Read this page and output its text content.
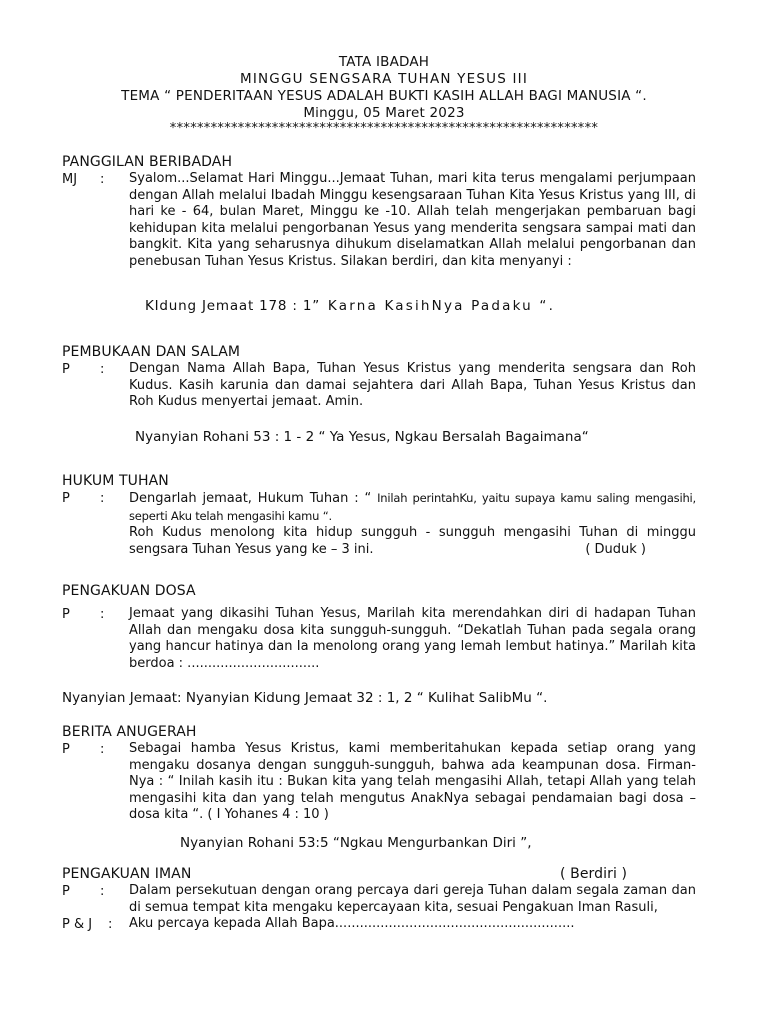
TATA IBADAH
MINGGU SENGSARA TUHAN YESUS III
TEMA “ PENDERITAAN YESUS ADALAH BUKTI KASIH ALLAH BAGI MANUSIA “.
Minggu, 05 Maret 2023
***************************************************************
PANGGILAN BERIBADAH
MJ	:	Syalom...Selamat Hari Minggu...Jemaat Tuhan, mari kita terus mengalami perjumpaan dengan Allah melalui Ibadah Minggu kesengsaraan Tuhan Kita Yesus Kristus yang III, di hari ke - 64, bulan Maret, Minggu ke -10. Allah telah mengerjakan pembaruan bagi kehidupan kita melalui pengorbanan Yesus yang menderita sengsara sampai mati dan bangkit. Kita yang seharusnya dihukum diselamatkan Allah melalui pengorbanan dan penebusan Tuhan Yesus Kristus. Silakan berdiri, dan kita menyanyi :
KIdung Jemaat 178 : 1” Karna KasihNya Padaku “.
PEMBUKAAN DAN SALAM
P	:	Dengan Nama Allah Bapa, Tuhan Yesus Kristus yang menderita sengsara dan Roh Kudus. Kasih karunia dan damai sejahtera dari Allah Bapa, Tuhan Yesus Kristus dan Roh Kudus menyertai jemaat. Amin.
Nyanyian Rohani 53 : 1 - 2 “ Ya Yesus, Ngkau Bersalah Bagaimana“
HUKUM TUHAN
P	:	Dengarlah jemaat, Hukum Tuhan : “ Inilah perintahKu, yaitu supaya kamu saling mengasihi, seperti Aku telah mengasihi kamu “.
Roh Kudus menolong kita hidup sungguh - sungguh mengasihi Tuhan di minggu sengsara Tuhan Yesus yang ke – 3 ini.	( Duduk )
PENGAKUAN DOSA
P	:	Jemaat yang dikasihi Tuhan Yesus, Marilah kita merendahkan diri di hadapan Tuhan Allah dan mengaku dosa kita sungguh-sungguh. “Dekatlah Tuhan pada segala orang yang hancur hatinya dan Ia menolong orang yang lemah lembut hatinya.” Marilah kita berdoa : ................................
Nyanyian Jemaat: Nyanyian Kidung Jemaat 32 : 1, 2 “ Kulihat SalibMu “.
BERITA ANUGERAH
P	:	Sebagai hamba Yesus Kristus, kami memberitahukan kepada setiap orang yang mengaku dosanya dengan sungguh-sungguh, bahwa ada keampunan dosa. Firman-Nya : “ Inilah kasih itu : Bukan kita yang telah mengasihi Allah, tetapi Allah yang telah mengasihi kita dan yang telah mengutus AnakNya sebagai pendamaian bagi dosa – dosa kita “. ( I Yohanes 4 : 10 )
Nyanyian Rohani 53:5 “Ngkau Mengurbankan Diri ”,
PENGAKUAN IMAN	( Berdiri )
P	:	Dalam persekutuan dengan orang percaya dari gereja Tuhan dalam segala zaman dan di semua tempat kita mengaku kepercayaan kita, sesuai Pengakuan Iman Rasuli,
P & J	:	Aku percaya kepada Allah Bapa..........................................................
